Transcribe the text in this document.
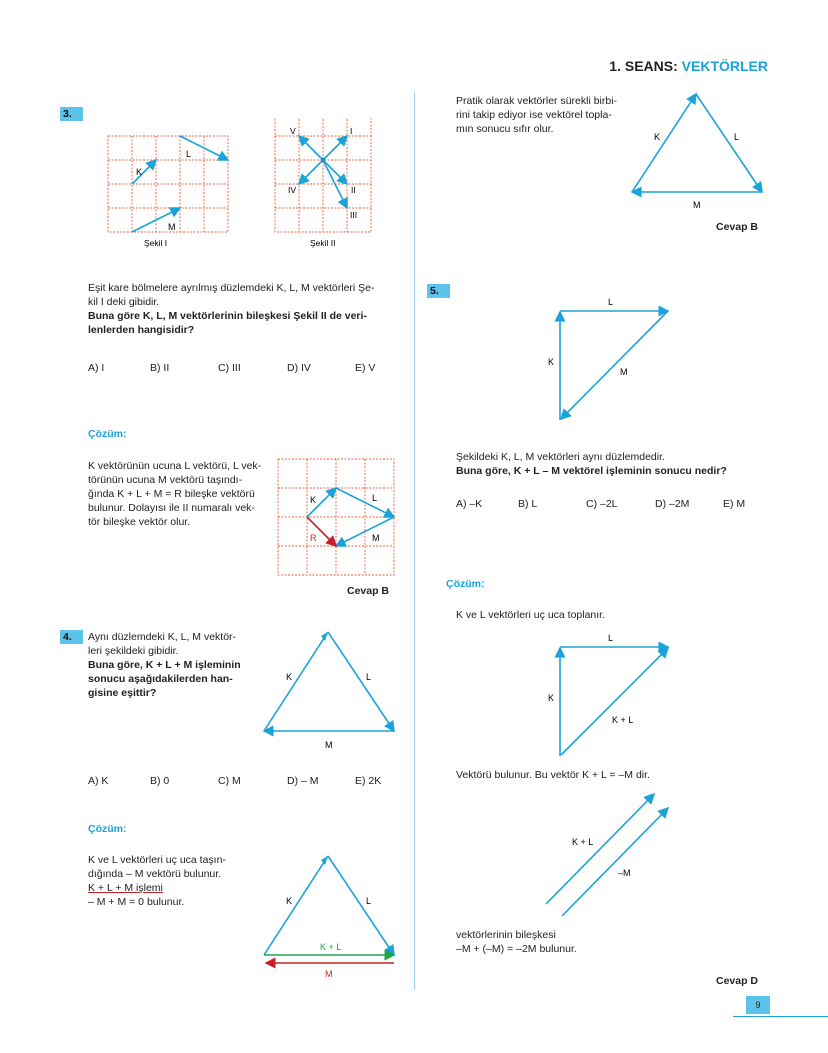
1. SEANS: VEKTÖRLER
3.
K
L
M
Şekil I
I
II
III
IV
V
Şekil II
Eşit kare bölmelere ayrılmış düzlemdeki K, L, M vektörleri Şe-
kil I deki gibidir.
Buna göre K, L, M vektörlerinin bileşkesi Şekil II de veri-
lenlerden hangisidir?
A) I	B) II	C) III	D) IV	E) V
Çözüm:
K vektörünün ucuna L vektörü, L vek-
törünün ucuna M vektörü taşındı-
ğında K + L + M = R bileşke vektörü
bulunur. Dolayısı ile II numaralı vek-
tör bileşke vektör olur.
K	L
R	M
Cevap B
4.	Aynı düzlemdeki K, L, M vektör-
leri şekildeki gibidir.
Buna göre, K + L + M işleminin
sonucu aşağıdakilerden han-
gisine eşittir?
K	L
M
A) K	B) 0	C) M	D) – M	E) 2K
Çözüm:
K ve L vektörleri uç uca taşın-
dığında – M vektörü bulunur.
K + L + M işlemi
– M + M = 0 bulunur.	K	L
K + L
M
Pratik olarak vektörler sürekli birbi-
rini takip ediyor ise vektörel topla-
mın sonucu sıfır olur.
K	L
M
Cevap B
5.
L
K
M
Şekildeki K, L, M vektörleri aynı düzlemdedir.
Buna göre, K + L – M vektörel işleminin sonucu nedir?
A) –K	B) L	C) –2L	D) –2M	E) M
Çözüm:
K ve L vektörleri uç uca toplanır.
L
K
K + L
Vektörü bulunur. Bu vektör K + L = –M dir.
K + L
–M
vektörlerinin bileşkesi
–M + (–M) = –2M bulunur.
Cevap D
9
